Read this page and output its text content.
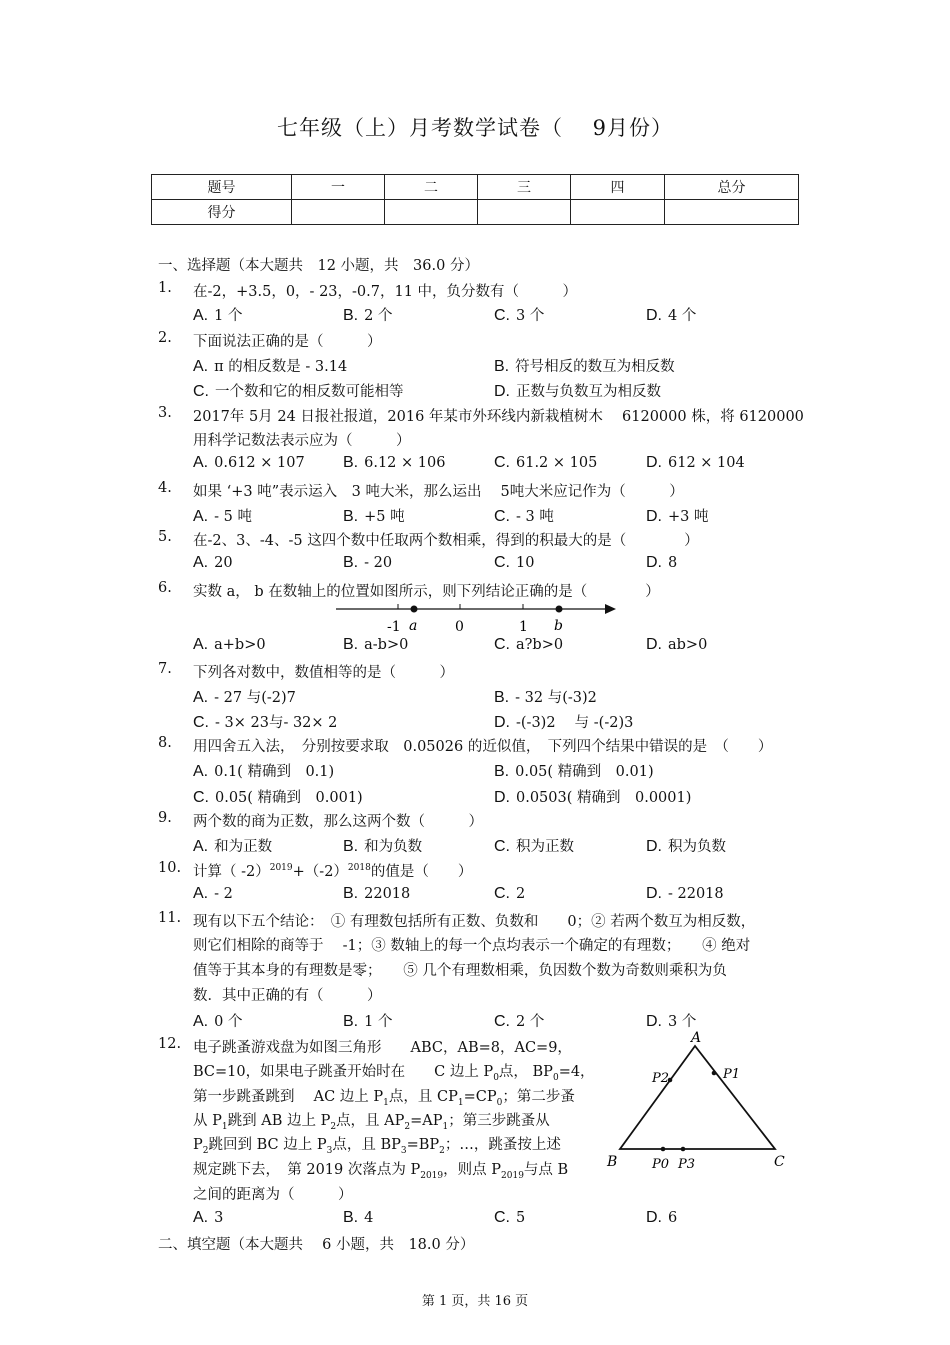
七年级（上）月考数学试卷（　 9月份）
题号	一	二	三	四	总分
得分					
一、选择题（本大题共　12 小题，共　36.0 分）
1.	在-2，+3.5，0，- 23，-0.7，11 中，负分数有（　　　）
A. 1 个	B. 2 个	C. 3 个	D. 4 个
2.	下面说法正确的是（　　　）
A. π 的相反数是 - 3.14	B. 符号相反的数互为相反数
C. 一个数和它的相反数可能相等	D. 正数与负数互为相反数
3.	2017年 5月 24 日报社报道，2016 年某市外环线内新栽植树木　 6120000 株，将 6120000
用科学记数法表示应为（　　　）
A. 0.612 × 107 B. 6.12 × 106	C. 61.2 × 105	D. 612 × 104
4.	如果 ‘+3 吨”表示运入　3 吨大米，那么运出　 5吨大米应记作为（　　　）
A. - 5 吨	B. +5 吨	C. - 3 吨	D. +3 吨
5.	在-2、3、-4、-5 这四个数中任取两个数相乘，得到的积最大的是（　　　　）
A. 20	B. - 20	C. 10	D. 8
6.	实数 a， b 在数轴上的位置如图所示，则下列结论正确的是（　　　　）
-1 a	0	1 b
A. a+b>0	B. a-b>0	C. a?b>0	D. ab>0
7.	下列各对数中，数值相等的是（　　　）
A. - 27 与(-2)7	B. - 32 与(-3)2
C. - 3× 23与- 32× 2	D. -(-3)2　 与 -(-2)3
8.	用四舍五入法，　分别按要求取　0.05026 的近似值，　下列四个结果中错误的是　（　　）
A. 0.1( 精确到　0.1)	B. 0.05( 精确到　0.01)
C. 0.05( 精确到　0.001)	D. 0.0503( 精确到　0.0001)
9.	两个数的商为正数，那么这两个数（　　　）
A. 和为正数	B. 和为负数	C. 积为正数	D. 积为负数
10. 计算（ $-2)^{2019}+(-2)^{2018}$的值是（　　）
A. - 2	B. 22018	C. 2	D. - 22018
11. 现有以下五个结论：　① 有理数包括所有正数、负数和　　0；② 若两个数互为相反数，
则它们相除的商等于　 -1；③ 数轴上的每一个点均表示一个确定的有理数；　　④ 绝对
值等于其本身的有理数是零；　　⑤ 几个有理数相乘，负因数个数为奇数则乘积为负
数．其中正确的有（　　　）
A. 0 个	B. 1 个	C. 2 个	D. 3 个
12. 电子跳蚤游戏盘为如图三角形　　ABC，AB=8，AC=9，
BC=10，如果电子跳蚤开始时在　　C 边上 $P_0$点， $BP_0=4$，
第一步跳蚤跳到　 AC 边上 $P_1$点，且 $CP_1=CP_0$；第二步蚤
从 $P_1$跳到 AB 边上 $P_2$点，且 $AP_2=AP_1$；第三步跳蚤从
$P_2$跳回到 BC 边上 $P_3$点，且 $BP_3=BP_2$；…，跳蚤按上述
规定跳下去，　第 2019 次落点为 $P_{2019}$，则点 $P_{2019}$与点 B
之间的距离为（　　　）
A
P2	P1
B	P0 P3	C
A. 3	B. 4	C. 5	D. 6
二、填空题（本大题共　 6 小题，共　18.0 分）
第 1 页，共 16 页
